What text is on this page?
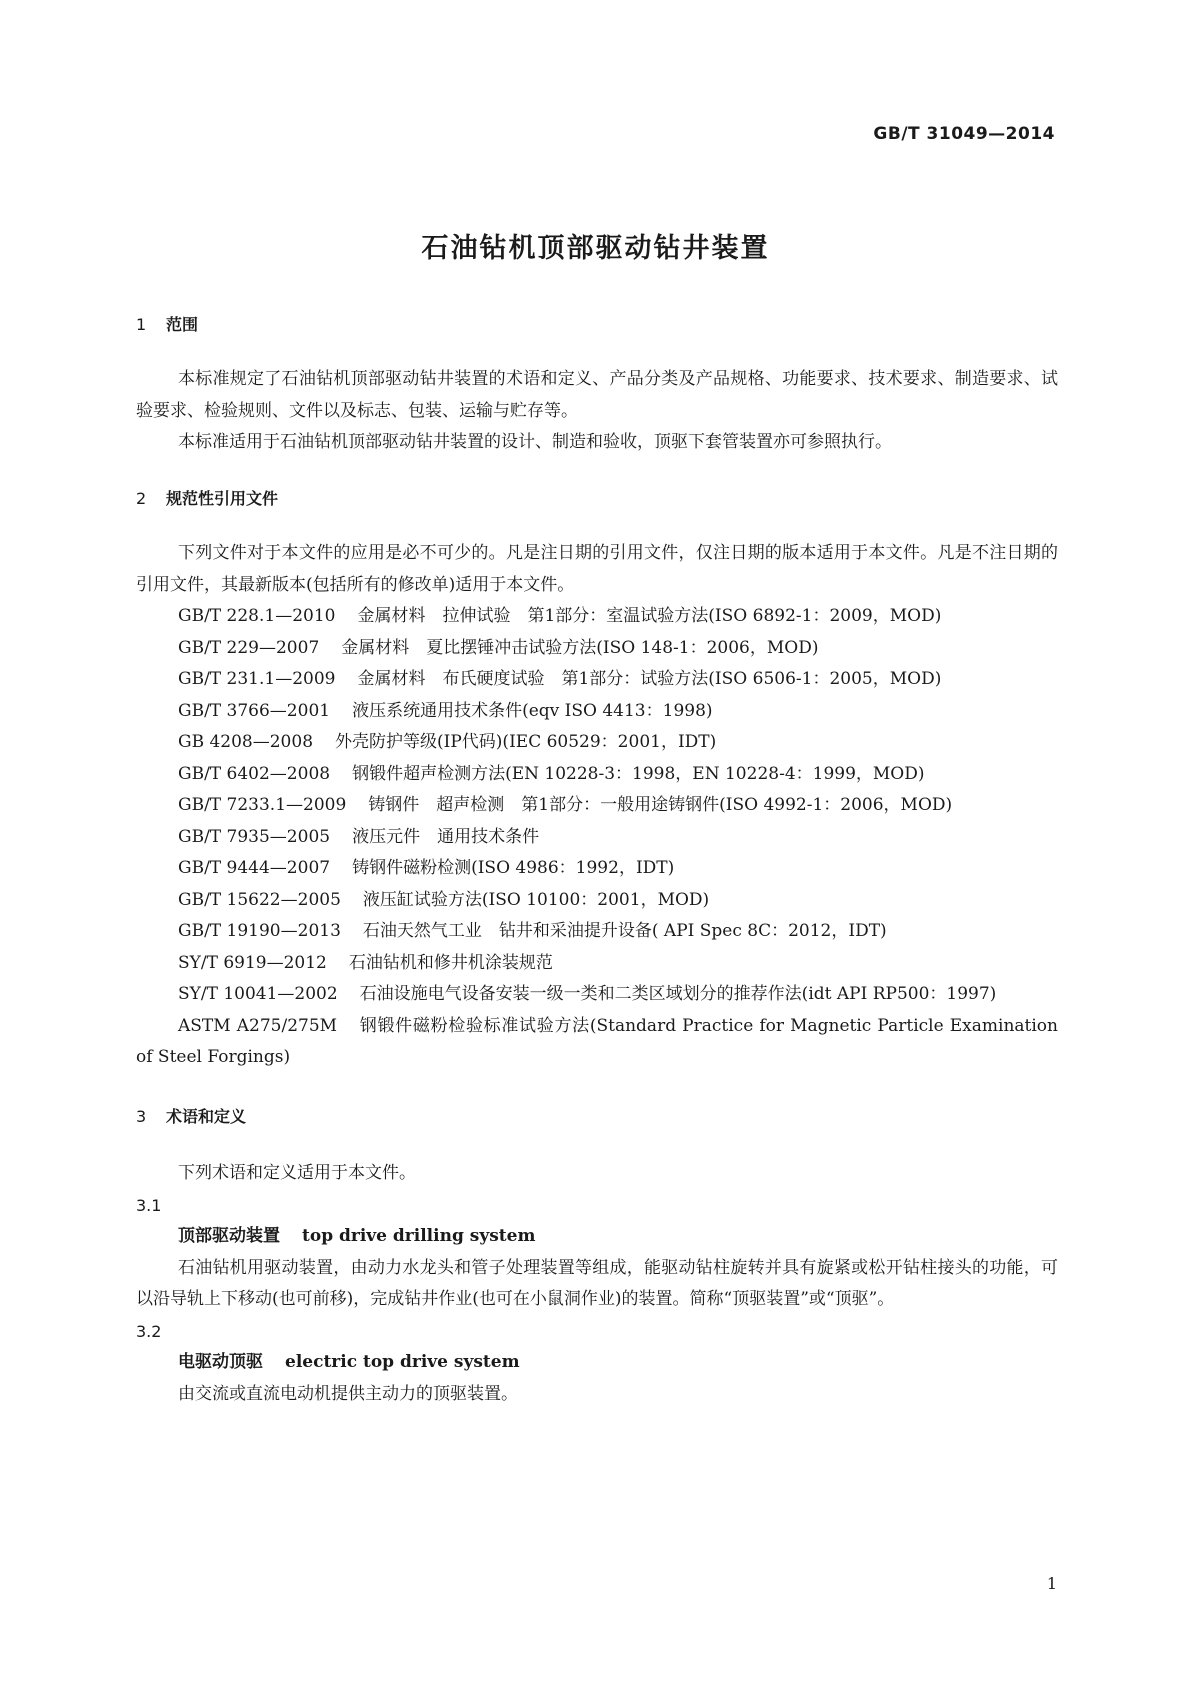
GB/T 31049—2014
石油钻机顶部驱动钻井装置
1 范围

本标准规定了石油钻机顶部驱动钻井装置的术语和定义、产品分类及产品规格、功能要求、技术要求、制造要求、试验要求、检验规则、文件以及标志、包装、运输与贮存等。

本标准适用于石油钻机顶部驱动钻井装置的设计、制造和验收，顶驱下套管装置亦可参照执行。

2 规范性引用文件

下列文件对于本文件的应用是必不可少的。凡是注日期的引用文件，仅注日期的版本适用于本文件。凡是不注日期的引用文件，其最新版本(包括所有的修改单)适用于本文件。

GB/T 228.1—2010 金属材料　拉伸试验　第1部分：室温试验方法(ISO 6892-1：2009，MOD)

GB/T 229—2007 金属材料　夏比摆锤冲击试验方法(ISO 148-1：2006，MOD)

GB/T 231.1—2009 金属材料　布氏硬度试验　第1部分：试验方法(ISO 6506-1：2005，MOD)

GB/T 3766—2001 液压系统通用技术条件(eqv ISO 4413：1998)

GB 4208—2008 外壳防护等级(IP代码)(IEC 60529：2001，IDT)

GB/T 6402—2008 钢锻件超声检测方法(EN 10228-3：1998，EN 10228-4：1999，MOD)

GB/T 7233.1—2009 铸钢件　超声检测　第1部分：一般用途铸钢件(ISO 4992-1：2006，MOD)

GB/T 7935—2005 液压元件　通用技术条件

GB/T 9444—2007 铸钢件磁粉检测(ISO 4986：1992，IDT)

GB/T 15622—2005 液压缸试验方法(ISO 10100：2001，MOD)

GB/T 19190—2013 石油天然气工业　钻井和采油提升设备( API Spec 8C：2012，IDT)

SY/T 6919—2012 石油钻机和修井机涂装规范

SY/T 10041—2002 石油设施电气设备安装一级一类和二类区域划分的推荐作法(idt API RP500：1997)

ASTM A275/275M 钢锻件磁粉检验标准试验方法(Standard Practice for Magnetic Particle Examination of Steel Forgings)

3 术语和定义

下列术语和定义适用于本文件。

3.1

顶部驱动装置 top drive drilling system

石油钻机用驱动装置，由动力水龙头和管子处理装置等组成，能驱动钻柱旋转并具有旋紧或松开钻柱接头的功能，可以沿导轨上下移动(也可前移)，完成钻井作业(也可在小鼠洞作业)的装置。简称“顶驱装置”或“顶驱”。

3.2

电驱动顶驱 electric top drive system

由交流或直流电动机提供主动力的顶驱装置。

1
